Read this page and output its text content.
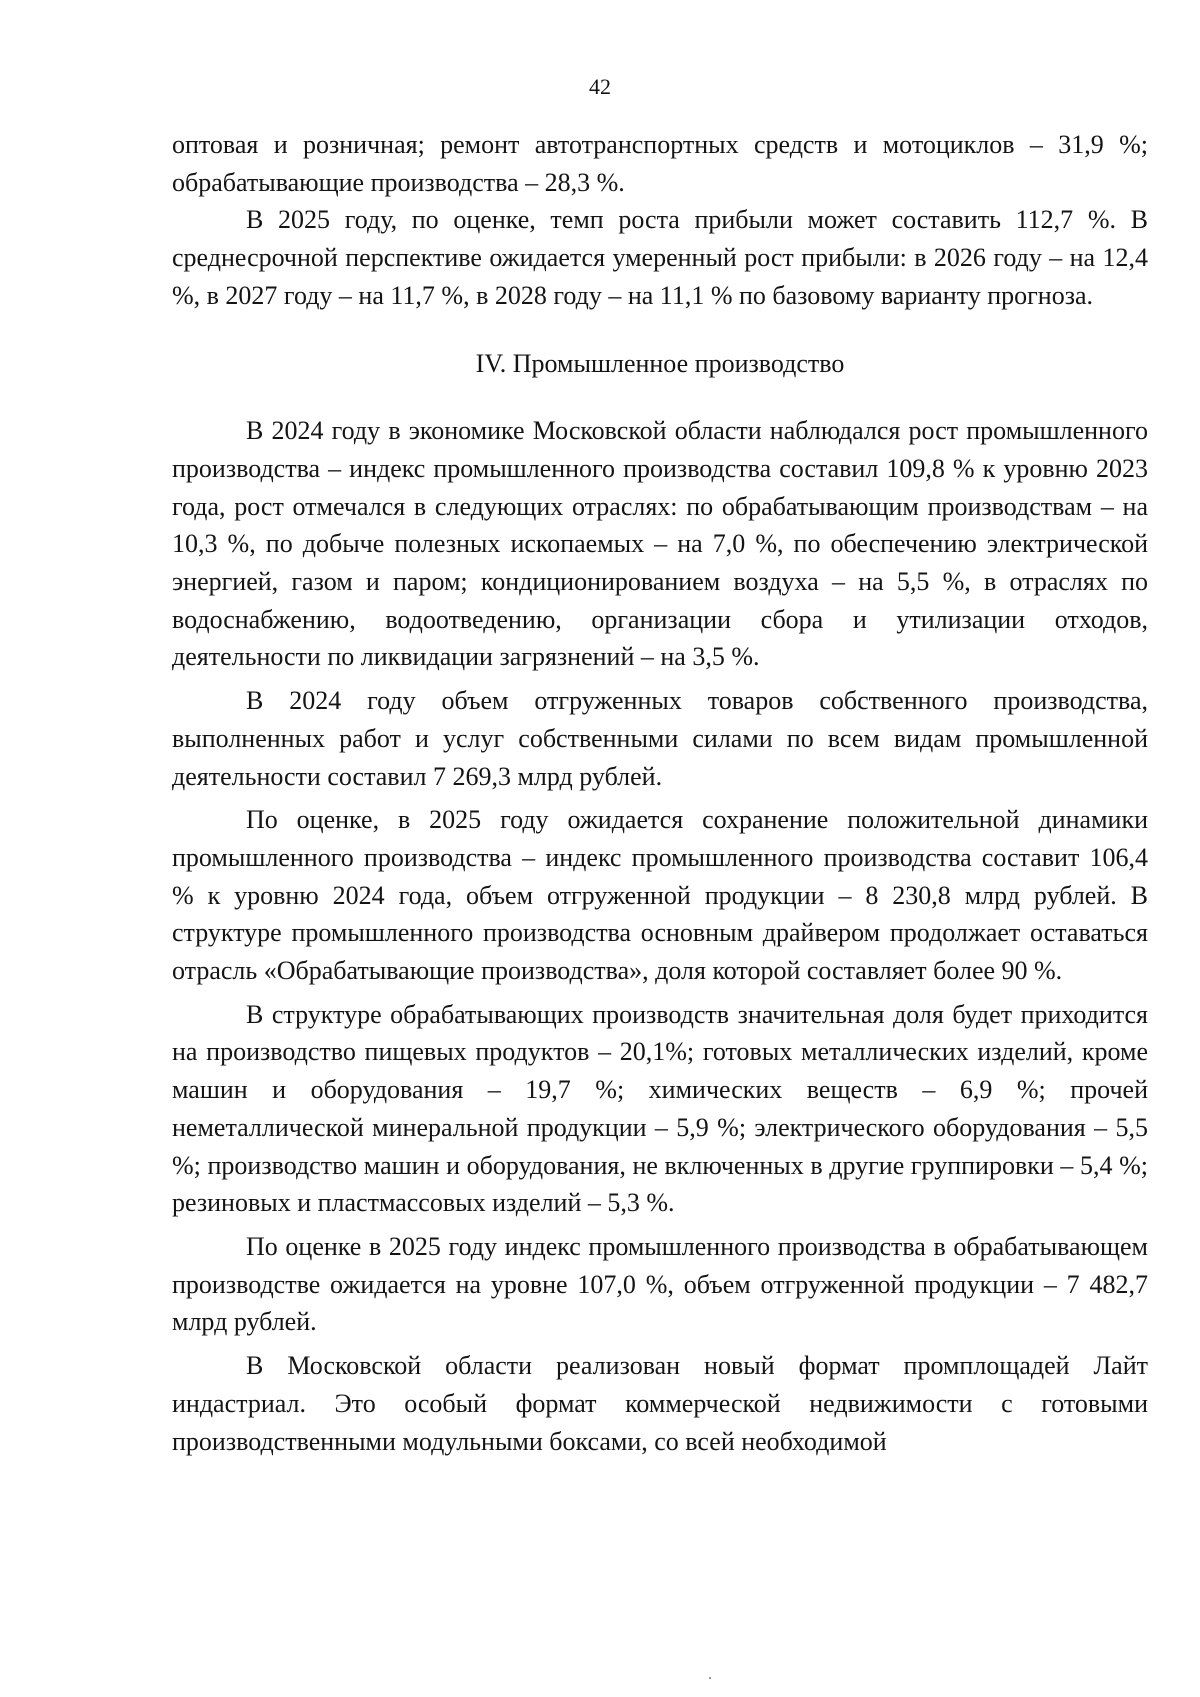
42

оптовая и розничная; ремонт автотранспортных средств и мотоциклов – 31,9 %; обрабатывающие производства – 28,3 %.

В 2025 году, по оценке, темп роста прибыли может составить 112,7 %. В среднесрочной перспективе ожидается умеренный рост прибыли: в 2026 году – на 12,4 %, в 2027 году – на 11,7 %, в 2028 году – на 11,1 % по базовому варианту прогноза.

IV. Промышленное производство

В 2024 году в экономике Московской области наблюдался рост промышленного производства – индекс промышленного производства составил 109,8 % к уровню 2023 года, рост отмечался в следующих отраслях: по обрабатывающим производствам – на 10,3 %, по добыче полезных ископаемых – на 7,0 %, по обеспечению электрической энергией, газом и паром; кондиционированием воздуха – на 5,5 %, в отраслях по водоснабжению, водоотведению, организации сбора и утилизации отходов, деятельности по ликвидации загрязнений – на 3,5 %.

В 2024 году объем отгруженных товаров собственного производства, выполненных работ и услуг собственными силами по всем видам промышленной деятельности составил 7 269,3 млрд рублей.

По оценке, в 2025 году ожидается сохранение положительной динамики промышленного производства – индекс промышленного производства составит 106,4 % к уровню 2024 года, объем отгруженной продукции – 8 230,8 млрд рублей. В структуре промышленного производства основным драйвером продолжает оставаться отрасль «Обрабатывающие производства», доля которой составляет более 90 %.

В структуре обрабатывающих производств значительная доля будет приходится на производство пищевых продуктов – 20,1%; готовых металлических изделий, кроме машин и оборудования – 19,7 %; химических веществ – 6,9 %; прочей неметаллической минеральной продукции – 5,9 %; электрического оборудования – 5,5 %; производство машин и оборудования, не включенных в другие группировки – 5,4 %; резиновых и пластмассовых изделий – 5,3 %.

По оценке в 2025 году индекс промышленного производства в обрабатывающем производстве ожидается на уровне 107,0 %, объем отгруженной продукции – 7 482,7 млрд рублей.

В Московской области реализован новый формат промплощадей Лайт индастриал. Это особый формат коммерческой недвижимости с готовыми производственными модульными боксами, со всей необходимой
